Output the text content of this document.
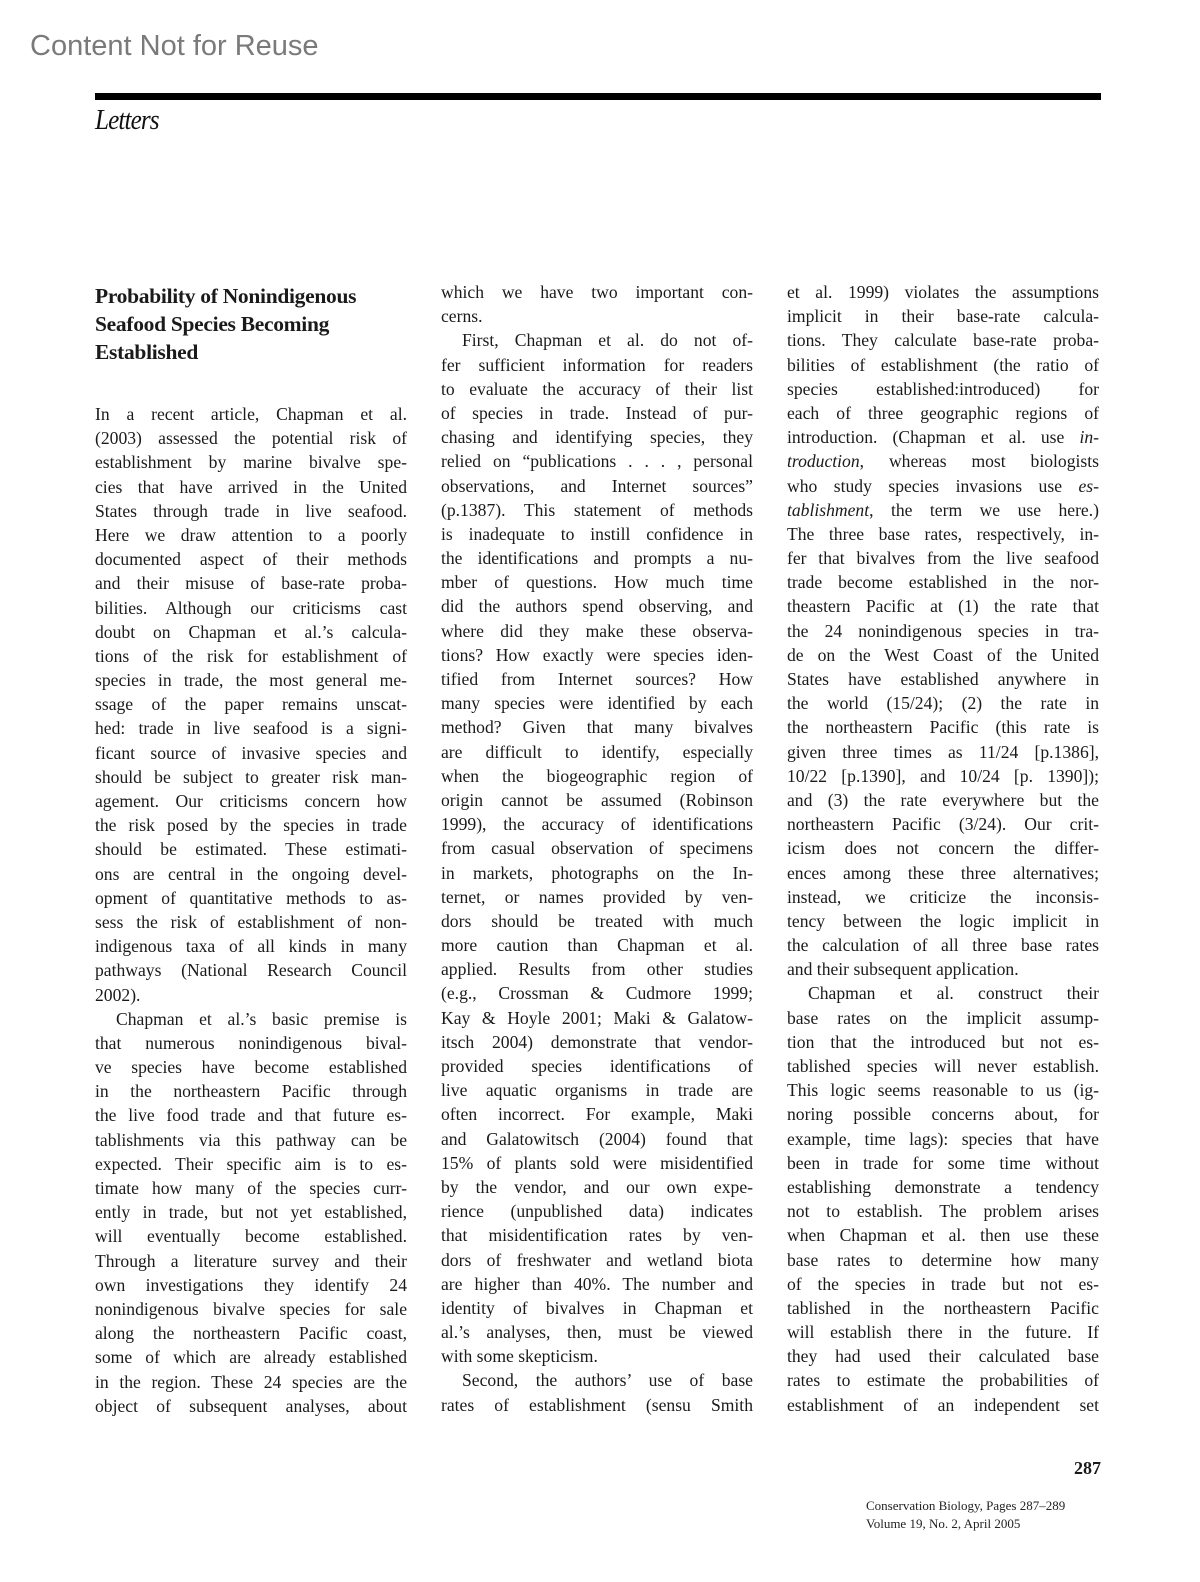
Content Not for Reuse
Letters
Probability of Nonindigenous
Seafood Species Becoming
Established
In a recent article, Chapman et al.
(2003) assessed the potential risk of
establishment by marine bivalve spe-
cies that have arrived in the United
States through trade in live seafood.
Here we draw attention to a poorly
documented aspect of their methods
and their misuse of base-rate proba-
bilities. Although our criticisms cast
doubt on Chapman et al.’s calcula-
tions of the risk for establishment of
species in trade, the most general me-
ssage of the paper remains unscat-
hed: trade in live seafood is a signi-
ficant source of invasive species and
should be subject to greater risk man-
agement. Our criticisms concern how
the risk posed by the species in trade
should be estimated. These estimati-
ons are central in the ongoing devel-
opment of quantitative methods to as-
sess the risk of establishment of non-
indigenous taxa of all kinds in many
pathways (National Research Council
2002).
Chapman et al.’s basic premise is
that numerous nonindigenous bival-
ve species have become established
in the northeastern Pacific through
the live food trade and that future es-
tablishments via this pathway can be
expected. Their specific aim is to es-
timate how many of the species curr-
ently in trade, but not yet established,
will eventually become established.
Through a literature survey and their
own investigations they identify 24
nonindigenous bivalve species for sale
along the northeastern Pacific coast,
some of which are already established
in the region. These 24 species are the
object of subsequent analyses, about
which we have two important con-
cerns.
First, Chapman et al. do not of-
fer sufficient information for readers
to evaluate the accuracy of their list
of species in trade. Instead of pur-
chasing and identifying species, they
relied on “publications . . . , personal
observations, and Internet sources”
(p.1387). This statement of methods
is inadequate to instill confidence in
the identifications and prompts a nu-
mber of questions. How much time
did the authors spend observing, and
where did they make these observa-
tions? How exactly were species iden-
tified from Internet sources? How
many species were identified by each
method? Given that many bivalves
are difficult to identify, especially
when the biogeographic region of
origin cannot be assumed (Robinson
1999), the accuracy of identifications
from casual observation of specimens
in markets, photographs on the In-
ternet, or names provided by ven-
dors should be treated with much
more caution than Chapman et al.
applied. Results from other studies
(e.g., Crossman & Cudmore 1999;
Kay & Hoyle 2001; Maki & Galatow-
itsch 2004) demonstrate that vendor-
provided species identifications of
live aquatic organisms in trade are
often incorrect. For example, Maki
and Galatowitsch (2004) found that
15% of plants sold were misidentified
by the vendor, and our own expe-
rience (unpublished data) indicates
that misidentification rates by ven-
dors of freshwater and wetland biota
are higher than 40%. The number and
identity of bivalves in Chapman et
al.’s analyses, then, must be viewed
with some skepticism.
Second, the authors’ use of base
rates of establishment (sensu Smith
et al. 1999) violates the assumptions
implicit in their base-rate calcula-
tions. They calculate base-rate proba-
bilities of establishment (the ratio of
species established:introduced) for
each of three geographic regions of
introduction. (Chapman et al. use in-
troduction, whereas most biologists
who study species invasions use es-
tablishment, the term we use here.)
The three base rates, respectively, in-
fer that bivalves from the live seafood
trade become established in the nor-
theastern Pacific at (1) the rate that
the 24 nonindigenous species in tra-
de on the West Coast of the United
States have established anywhere in
the world (15/24); (2) the rate in
the northeastern Pacific (this rate is
given three times as 11/24 [p.1386],
10/22 [p.1390], and 10/24 [p. 1390]);
and (3) the rate everywhere but the
northeastern Pacific (3/24). Our crit-
icism does not concern the differ-
ences among these three alternatives;
instead, we criticize the inconsis-
tency between the logic implicit in
the calculation of all three base rates
and their subsequent application.
Chapman et al. construct their
base rates on the implicit assump-
tion that the introduced but not es-
tablished species will never establish.
This logic seems reasonable to us (ig-
noring possible concerns about, for
example, time lags): species that have
been in trade for some time without
establishing demonstrate a tendency
not to establish. The problem arises
when Chapman et al. then use these
base rates to determine how many
of the species in trade but not es-
tablished in the northeastern Pacific
will establish there in the future. If
they had used their calculated base
rates to estimate the probabilities of
establishment of an independent set
287
Conservation Biology, Pages 287–289
Volume 19, No. 2, April 2005
